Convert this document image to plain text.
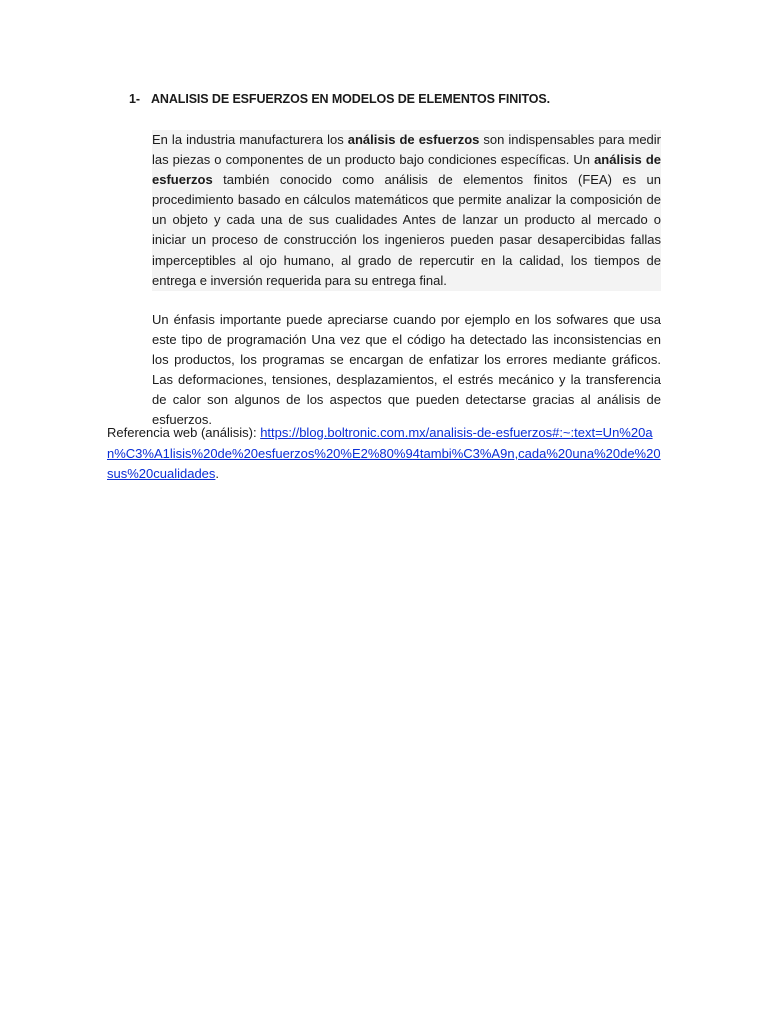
1- ANALISIS DE ESFUERZOS EN MODELOS DE ELEMENTOS FINITOS.
En la industria manufacturera los análisis de esfuerzos son indispensables para medir las piezas o componentes de un producto bajo condiciones específicas. Un análisis de esfuerzos también conocido como análisis de elementos finitos (FEA) es un procedimiento basado en cálculos matemáticos que permite analizar la composición de un objeto y cada una de sus cualidades Antes de lanzar un producto al mercado o iniciar un proceso de construcción los ingenieros pueden pasar desapercibidas fallas imperceptibles al ojo humano, al grado de repercutir en la calidad, los tiempos de entrega e inversión requerida para su entrega final.
Un énfasis importante puede apreciarse cuando por ejemplo en los sofwares que usa este tipo de programación Una vez que el código ha detectado las inconsistencias en los productos, los programas se encargan de enfatizar los errores mediante gráficos. Las deformaciones, tensiones, desplazamientos, el estrés mecánico y la transferencia de calor son algunos de los aspectos que pueden detectarse gracias al análisis de esfuerzos.
Referencia web (análisis): https://blog.boltronic.com.mx/analisis-de-esfuerzos#:~:text=Un%20an%C3%A1lisis%20de%20esfuerzos%20%E2%80%94tambi%C3%A9n,cada%20una%20de%20sus%20cualidades.
